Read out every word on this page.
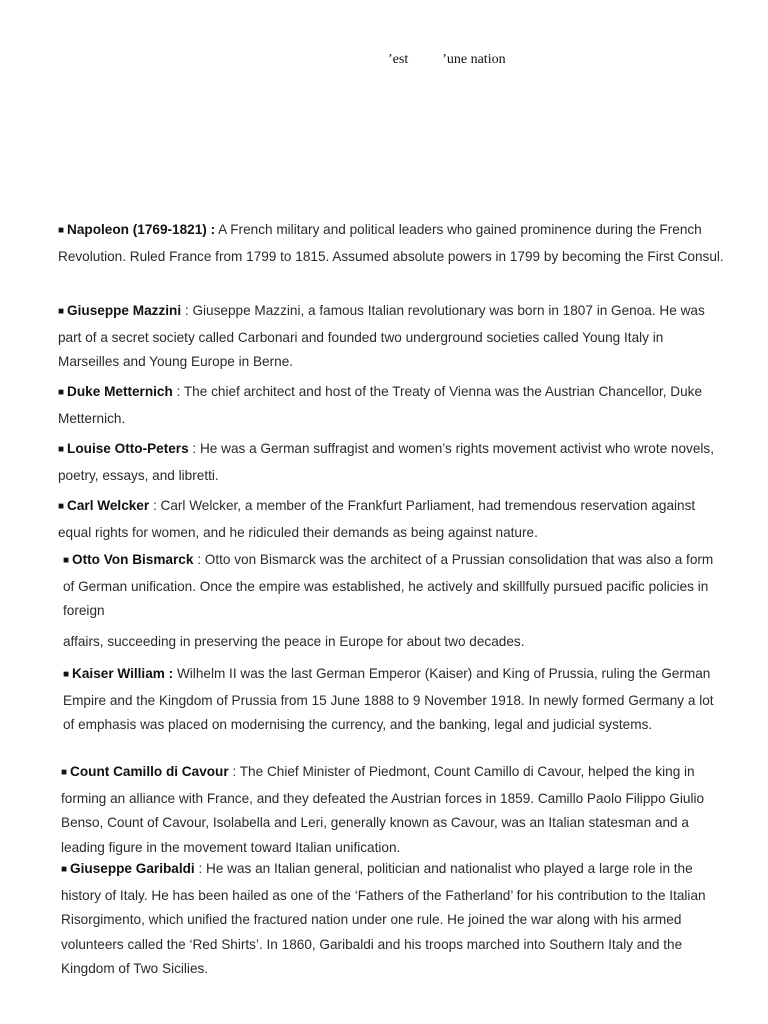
’est ’une nation
■ Napoleon (1769-1821) : A French military and political leaders who gained prominence during the French Revolution. Ruled France from 1799 to 1815. Assumed absolute powers in 1799 by becoming the First Consul.
■ Giuseppe Mazzini : Giuseppe Mazzini, a famous Italian revolutionary was born in 1807 in Genoa. He was part of a secret society called Carbonari and founded two underground societies called Young Italy in Marseilles and Young Europe in Berne.
■ Duke Metternich : The chief architect and host of the Treaty of Vienna was the Austrian Chancellor, Duke Metternich.
■ Louise Otto-Peters : He was a German suffragist and women’s rights movement activist who wrote novels, poetry, essays, and libretti.
■ Carl Welcker : Carl Welcker, a member of the Frankfurt Parliament, had tremendous reservation against equal rights for women, and he ridiculed their demands as being against nature.
■ Otto Von Bismarck : Otto von Bismarck was the architect of a Prussian consolidation that was also a form of German unification. Once the empire was established, he actively and skillfully pursued pacific policies in foreign
affairs, succeeding in preserving the peace in Europe for about two decades.
■ Kaiser William : Wilhelm II was the last German Emperor (Kaiser) and King of Prussia, ruling the German Empire and the Kingdom of Prussia from 15 June 1888 to 9 November 1918. In newly formed Germany a lot of emphasis was placed on modernising the currency, and the banking, legal and judicial systems.
■ Count Camillo di Cavour : The Chief Minister of Piedmont, Count Camillo di Cavour, helped the king in forming an alliance with France, and they defeated the Austrian forces in 1859. Camillo Paolo Filippo Giulio Benso, Count of Cavour, Isolabella and Leri, generally known as Cavour, was an Italian statesman and a leading figure in the movement toward Italian unification.
■ Giuseppe Garibaldi : He was an Italian general, politician and nationalist who played a large role in the history of Italy. He has been hailed as one of the ‘Fathers of the Fatherland’ for his contribution to the Italian Risorgimento, which unified the fractured nation under one rule. He joined the war along with his armed volunteers called the ‘Red Shirts’. In 1860, Garibaldi and his troops marched into Southern Italy and the Kingdom of Two Sicilies.
